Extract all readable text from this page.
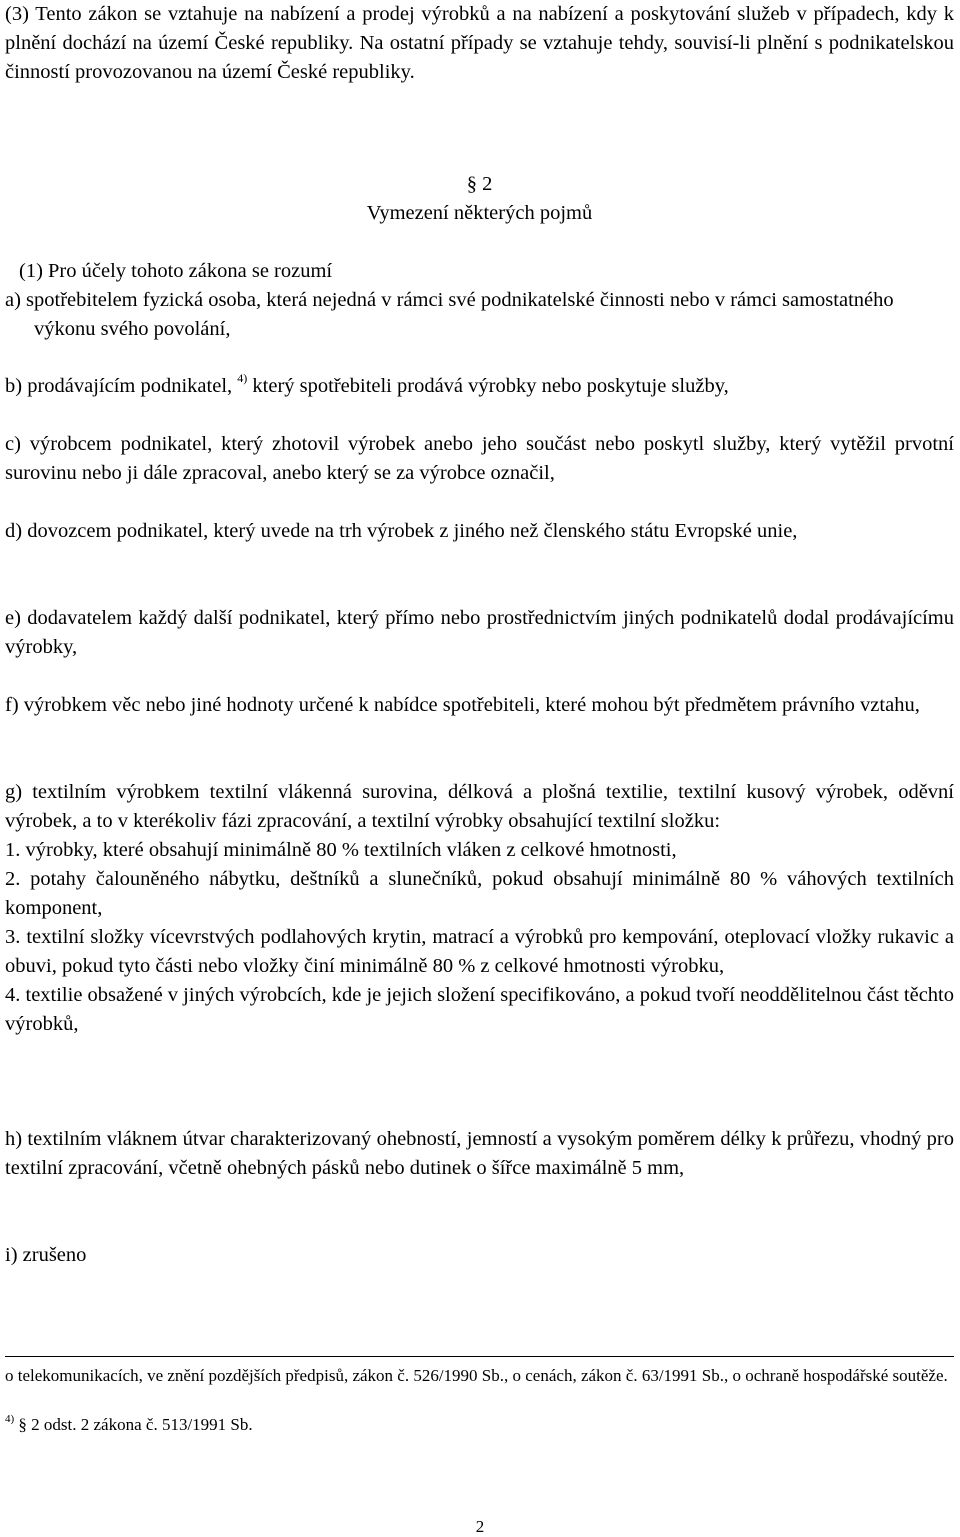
(3) Tento zákon se vztahuje na nabízení a prodej výrobků a na nabízení a poskytování služeb v případech, kdy k plnění dochází na území České republiky. Na ostatní případy se vztahuje tehdy, souvisí-li plnění s podnikatelskou činností provozovanou na území České republiky.

§ 2
Vymezení některých pojmů

(1) Pro účely tohoto zákona se rozumí

a) spotřebitelem fyzická osoba, která nejedná v rámci své podnikatelské činnosti nebo v rámci samostatného výkonu svého povolání,

b) prodávajícím podnikatel, $^{4)}$ který spotřebiteli prodává výrobky nebo poskytuje služby,

c) výrobcem podnikatel, který zhotovil výrobek anebo jeho součást nebo poskytl služby, který vytěžil prvotní surovinu nebo ji dále zpracoval, anebo který se za výrobce označil,

d) dovozcem podnikatel, který uvede na trh výrobek z jiného než členského státu Evropské unie,

e) dodavatelem každý další podnikatel, který přímo nebo prostřednictvím jiných podnikatelů dodal prodávajícímu výrobky,

f) výrobkem věc nebo jiné hodnoty určené k nabídce spotřebiteli, které mohou být předmětem právního vztahu,

g) textilním výrobkem textilní vlákenná surovina, délková a plošná textilie, textilní kusový výrobek, oděvní výrobek, a to v kterékoliv fázi zpracování, a textilní výrobky obsahující textilní složku:

1. výrobky, které obsahují minimálně 80 % textilních vláken z celkové hmotnosti,

2. potahy čalouněného nábytku, deštníků a slunečníků, pokud obsahují minimálně 80 % váhových textilních komponent,

3. textilní složky vícevrstvých podlahových krytin, matrací a výrobků pro kempování, oteplovací vložky rukavic a obuvi, pokud tyto části nebo vložky činí minimálně 80 % z celkové hmotnosti výrobku,

4. textilie obsažené v jiných výrobcích, kde je jejich složení specifikováno, a pokud tvoří neoddělitelnou část těchto výrobků,

h) textilním vláknem útvar charakterizovaný ohebností, jemností a vysokým poměrem délky k průřezu, vhodný pro textilní zpracování, včetně ohebných pásků nebo dutinek o šířce maximálně 5 mm,

i) zrušeno

o telekomunikacích, ve znění pozdějších předpisů, zákon č. 526/1990 Sb., o cenách, zákon č. 63/1991 Sb., o ochraně hospodářské soutěže.
$^{4)}$ § 2 odst. 2 zákona č. 513/1991 Sb.
2
